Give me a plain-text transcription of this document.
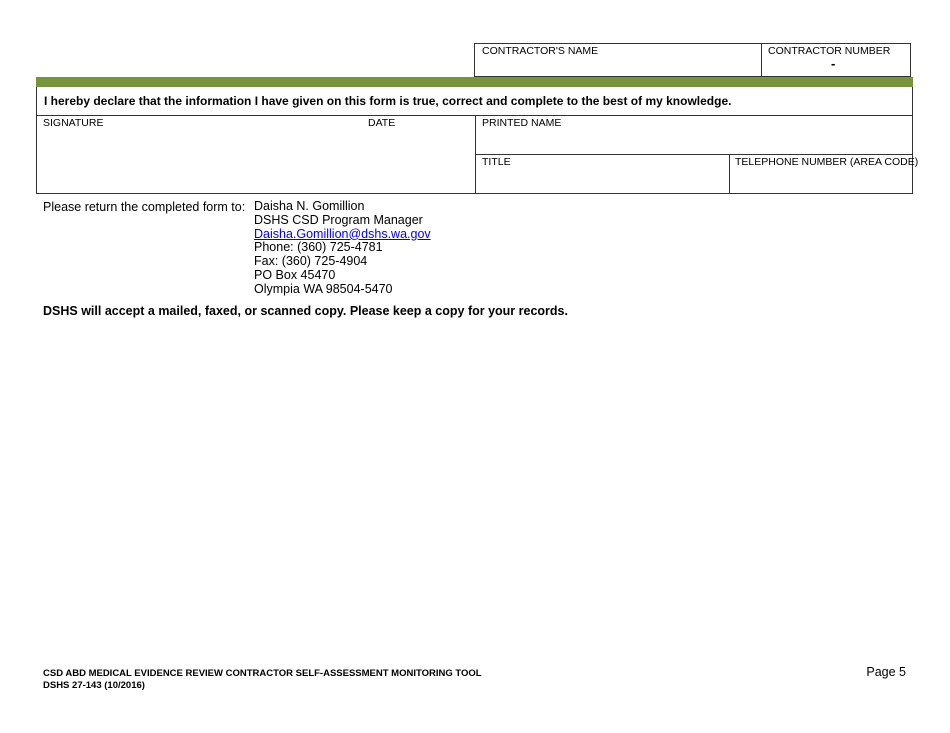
CONTRACTOR'S NAME	CONTRACTOR NUMBER
-
I hereby declare that the information I have given on this form is true, correct and complete to the best of my knowledge.
SIGNATURE	DATE	PRINTED NAME
TITLE	TELEPHONE NUMBER (AREA CODE)
Please return the completed form to: Daisha N. Gomillion
DSHS CSD Program Manager
Daisha.Gomillion@dshs.wa.gov
Phone: (360) 725-4781
Fax: (360) 725-4904
PO Box 45470
Olympia WA 98504-5470
DSHS will accept a mailed, faxed, or scanned copy. Please keep a copy for your records.
CSD ABD MEDICAL EVIDENCE REVIEW CONTRACTOR SELF-ASSESSMENT MONITORING TOOL
DSHS 27-143 (10/2016)
Page 5
